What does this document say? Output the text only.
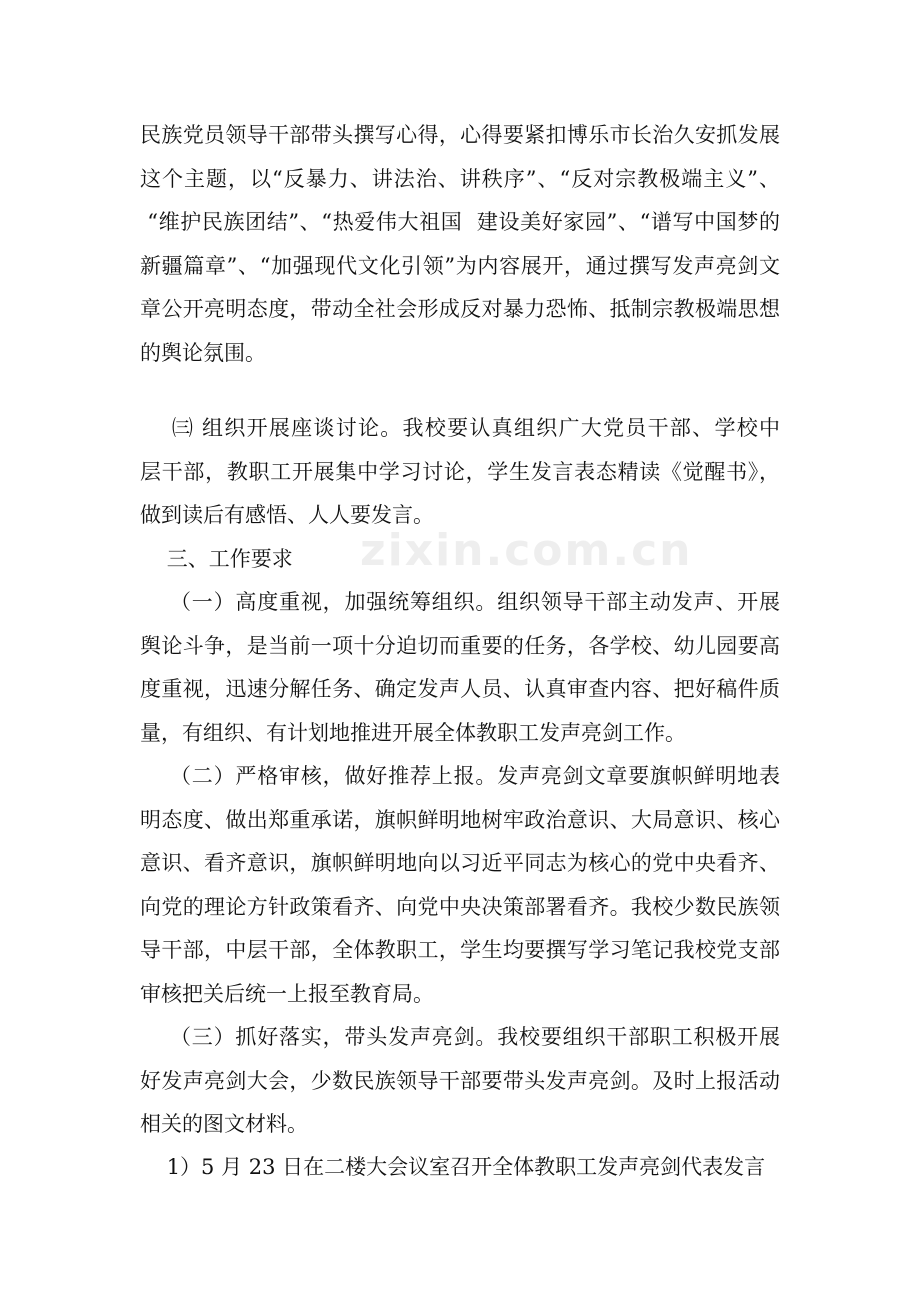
zixin.com.cn
民族党员领导干部带头撰写心得，心得要紧扣博乐市长治久安抓发展
这个主题，以“反暴力、讲法治、讲秩序”、“反对宗教极端主义”、
“维护民族团结”、“热爱伟大祖国  建设美好家园”、“谱写中国梦的
新疆篇章”、“加强现代文化引领”为内容展开，通过撰写发声亮剑文
章公开亮明态度，带动全社会形成反对暴力恐怖、抵制宗教极端思想
的舆论氛围。
㈢ 组织开展座谈讨论。我校要认真组织广大党员干部、学校中
层干部，教职工开展集中学习讨论，学生发言表态精读《觉醒书》，
做到读后有感悟、人人要发言。
三、工作要求
（一）高度重视，加强统筹组织。组织领导干部主动发声、开展
舆论斗争，是当前一项十分迫切而重要的任务，各学校、幼儿园要高
度重视，迅速分解任务、确定发声人员、认真审查内容、把好稿件质
量，有组织、有计划地推进开展全体教职工发声亮剑工作。
（二）严格审核，做好推荐上报。发声亮剑文章要旗帜鲜明地表
明态度、做出郑重承诺，旗帜鲜明地树牢政治意识、大局意识、核心
意识、看齐意识，旗帜鲜明地向以习近平同志为核心的党中央看齐、
向党的理论方针政策看齐、向党中央决策部署看齐。我校少数民族领
导干部，中层干部，全体教职工，学生均要撰写学习笔记我校党支部
审核把关后统一上报至教育局。
（三）抓好落实，带头发声亮剑。我校要组织干部职工积极开展
好发声亮剑大会，少数民族领导干部要带头发声亮剑。及时上报活动
相关的图文材料。
1）5 月 23 日在二楼大会议室召开全体教职工发声亮剑代表发言
